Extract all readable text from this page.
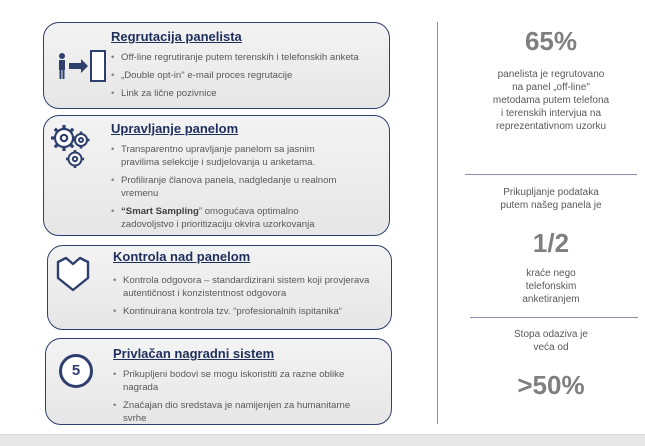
Regrutacija panelista
• Off-line regrutiranje putem terenskih i telefonskih anketa
• „Double opt-in" e-mail proces regrutacije
• Link za lične pozivnice
Upravljanje panelom
• Transparentno upravljanje panelom sa jasnim pravilima selekcije i sudjelovanja u anketama.
• Profiliranje članova panela, nadgledanje u realnom vremenu
• “Smart Sampling” omogućava optimalno zadovoljstvo i prioritizaciju okvira uzorkovanja
Kontrola nad panelom
• Kontrola odgovora – standardizirani sistem koji provjerava autentičnost i konzistentnost odgovora
• Kontinuirana kontrola tzv. “profesionalnih ispitanika“
5
Privlačan nagradni sistem
• Prikupljeni bodovi se mogu iskoristiti za razne oblike nagrada
• Značajan dio sredstava je namijenjen za humanitarne svrhe
65%
panelista je regrutovano
na panel „off-line"
metodama putem telefona
i terenskih intervjua na
reprezentativnom uzorku
Prikupljanje podataka
putem našeg panela je
1/2
kraće nego
telefonskim
anketiranjem
Stopa odaziva je
veća od
>50%
